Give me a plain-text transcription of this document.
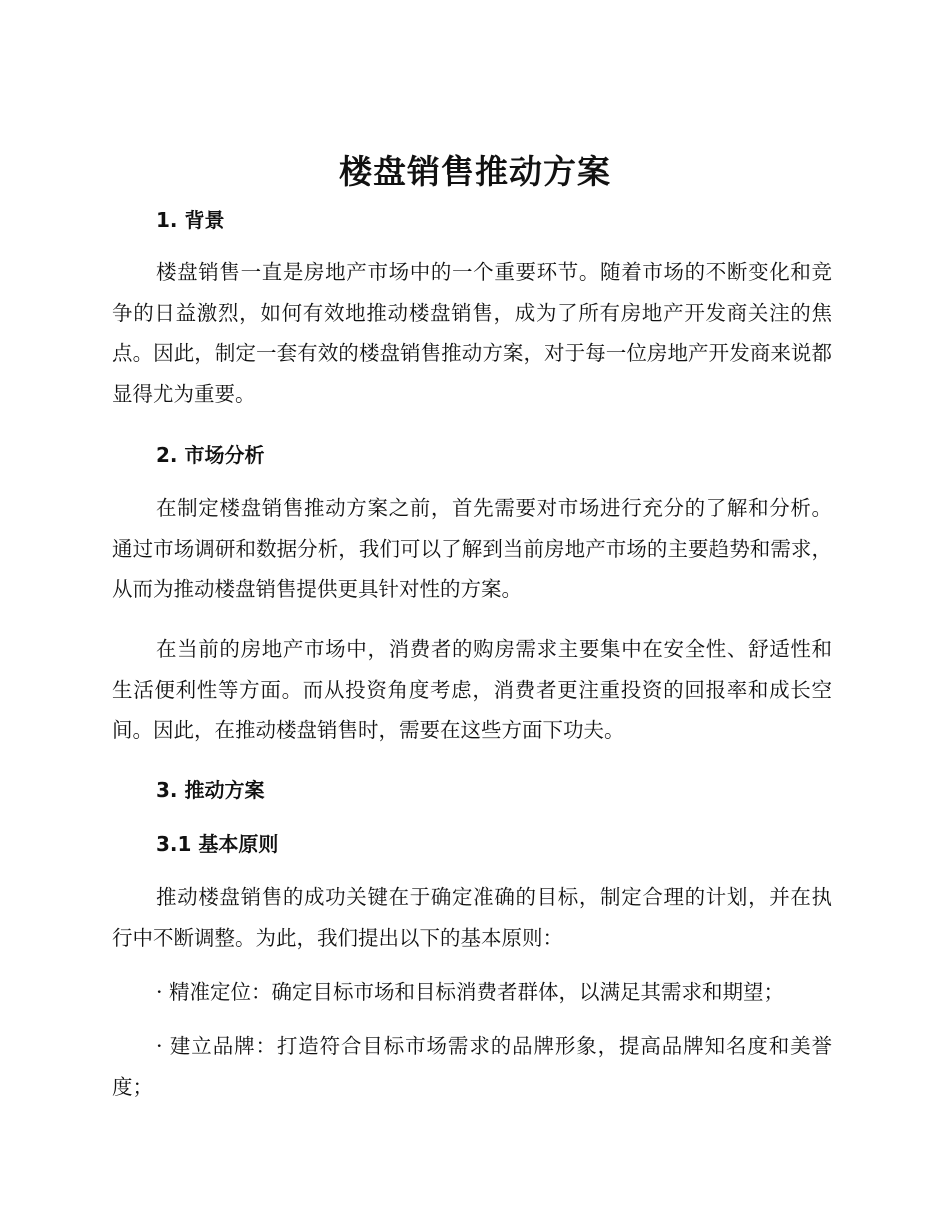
楼盘销售推动方案
1. 背景

楼盘销售一直是房地产市场中的一个重要环节。随着市场的不断变化和竞争的日益激烈，如何有效地推动楼盘销售，成为了所有房地产开发商关注的焦点。因此，制定一套有效的楼盘销售推动方案，对于每一位房地产开发商来说都显得尤为重要。

2. 市场分析

在制定楼盘销售推动方案之前，首先需要对市场进行充分的了解和分析。通过市场调研和数据分析，我们可以了解到当前房地产市场的主要趋势和需求，从而为推动楼盘销售提供更具针对性的方案。

在当前的房地产市场中，消费者的购房需求主要集中在安全性、舒适性和生活便利性等方面。而从投资角度考虑，消费者更注重投资的回报率和成长空间。因此，在推动楼盘销售时，需要在这些方面下功夫。

3. 推动方案
3.1 基本原则

推动楼盘销售的成功关键在于确定准确的目标，制定合理的计划，并在执行中不断调整。为此，我们提出以下的基本原则：

· 精准定位：确定目标市场和目标消费者群体，以满足其需求和期望；

· 建立品牌：打造符合目标市场需求的品牌形象，提高品牌知名度和美誉度；
